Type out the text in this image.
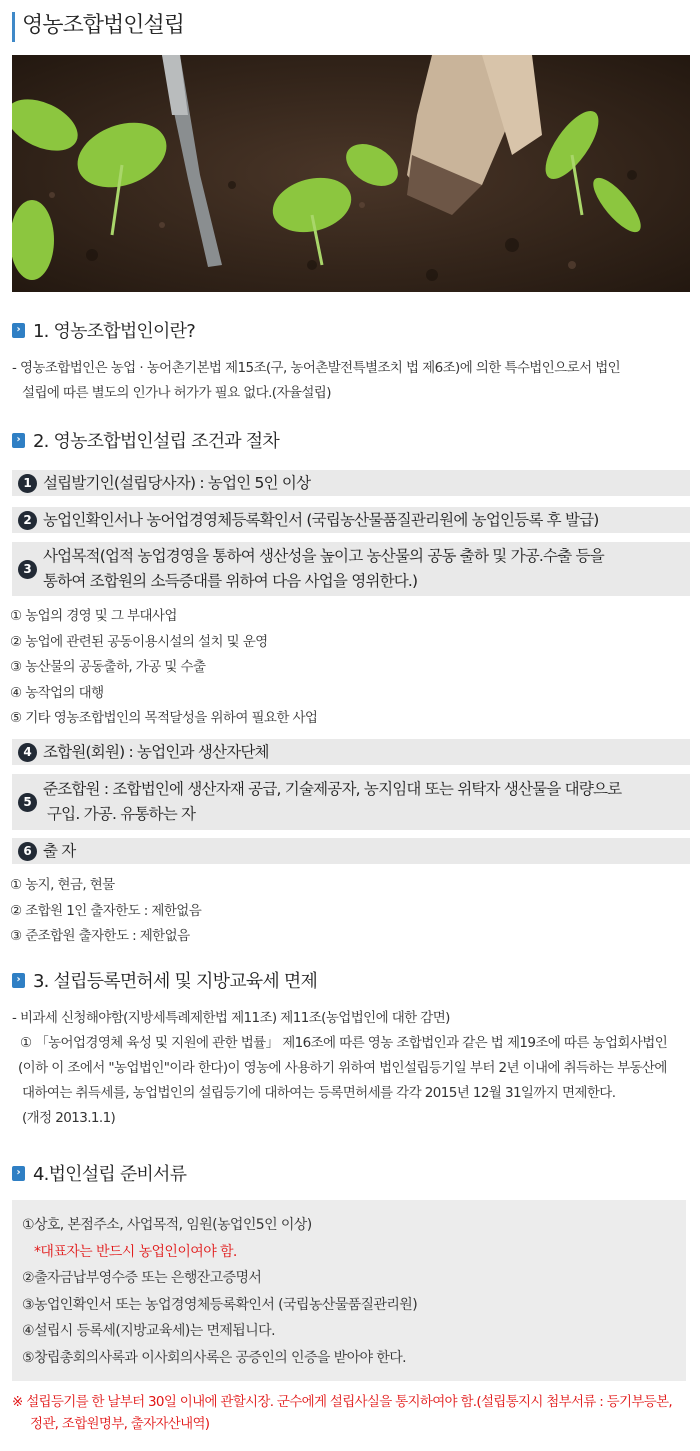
영농조합법인설립
› 1. 영농조합법인이란?
- 영농조합법인은 농업 · 농어촌기본법 제15조(구, 농어촌발전특별조치 법 제6조)에 의한 특수법인으로서 법인
설립에 따른 별도의 인가나 허가가 필요 없다.(자율설립)
› 2. 영농조합법인설립 조건과 절차
1 설립발기인(설립당사자) : 농업인 5인 이상
2 농업인확인서나 농어업경영체등록확인서 (국립농산물품질관리원에 농업인등록 후 발급)
3
사업목적(업적 농업경영을 통하여 생산성을 높이고 농산물의 공동 출하 및 가공.수출 등을
통하여 조합원의 소득증대를 위하여 다음 사업을 영위한다.)
① 농업의 경영 및 그 부대사업
② 농업에 관련된 공동이용시설의 설치 및 운영
③ 농산물의 공동출하, 가공 및 수출
④ 농작업의 대행
⑤ 기타 영농조합법인의 목적달성을 위하여 필요한 사업
4 조합원(회원) : 농업인과 생산자단체
5
준조합원 : 조합법인에 생산자재 공급, 기술제공자, 농지임대 또는 위탁자 생산물을 대량으로
구입. 가공. 유통하는 자
6 출 자
① 농지, 현금, 현물
② 조합원 1인 출자한도 : 제한없음
③ 준조합원 출자한도 : 제한없음
› 3. 설립등록면허세 및 지방교육세 면제
- 비과세 신청해야함(지방세특례제한법 제11조) 제11조(농업법인에 대한 감면)
① 「농어업경영체 육성 및 지원에 관한 법률」 제16조에 따른 영농 조합법인과 같은 법 제19조에 따른 농업회사법인
(이하 이 조에서 "농업법인"이라 한다)이 영농에 사용하기 위하여 법인설립등기일 부터 2년 이내에 취득하는 부동산에
대하여는 취득세를, 농업법인의 설립등기에 대하여는 등록면허세를 각각 2015년 12월 31일까지 면제한다.
(개정 2013.1.1)
› 4.법인설립 준비서류
①상호, 본점주소, 사업목적, 임원(농업인5인 이상)
*대표자는 반드시 농업인이여야 함.
②출자금납부영수증 또는 은행잔고증명서
③농업인확인서 또는 농업경영체등록확인서 (국립농산물품질관리원)
④설립시 등록세(지방교육세)는 면제됩니다.
⑤창립총회의사록과 이사회의사록은 공증인의 인증을 받아야 한다.
※ 설립등기를 한 날부터 30일 이내에 관할시장. 군수에게 설립사실을 통지하여야 함.(설립통지시 첨부서류 : 등기부등본,
정관, 조합원명부, 출자자산내역)
